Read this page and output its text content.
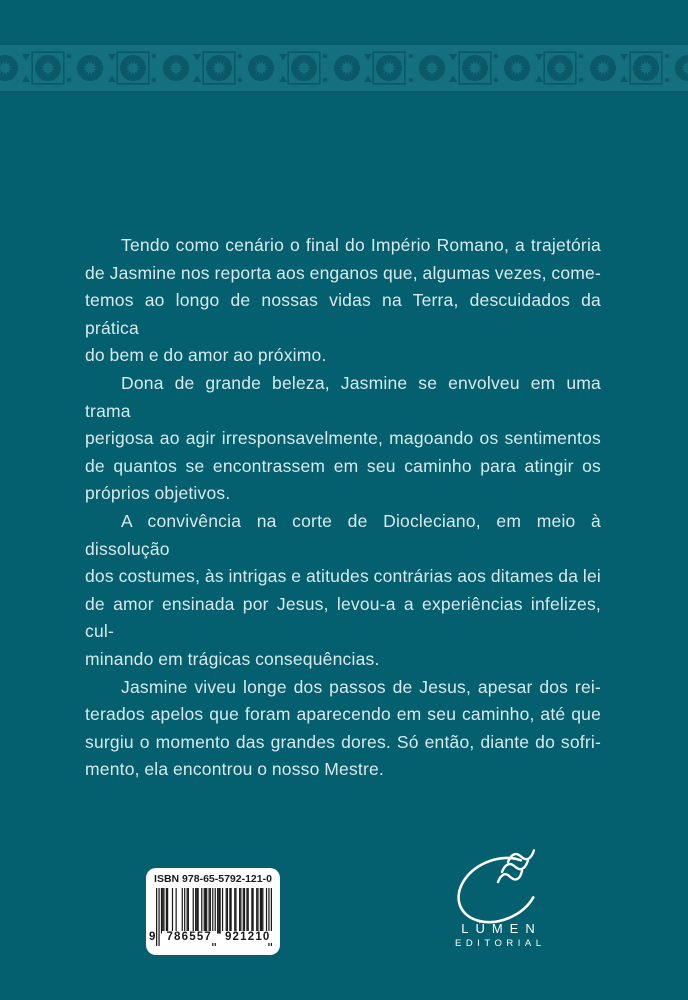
Tendo como cenário o final do Império Romano, a trajetória
de Jasmine nos reporta aos enganos que, algumas vezes, come-
temos ao longo de nossas vidas na Terra, descuidados da prática
do bem e do amor ao próximo.

Dona de grande beleza, Jasmine se envolveu em uma trama
perigosa ao agir irresponsavelmente, magoando os sentimentos
de quantos se encontrassem em seu caminho para atingir os
próprios objetivos.

A convivência na corte de Diocleciano, em meio à dissolução
dos costumes, às intrigas e atitudes contrárias aos ditames da lei
de amor ensinada por Jesus, levou-a a experiências infelizes, cul-
minando em trágicas consequências.

Jasmine viveu longe dos passos de Jesus, apesar dos rei-
terados apelos que foram aparecendo em seu caminho, até que
surgiu o momento das grandes dores. Só então, diante do sofri-
mento, ela encontrou o nosso Mestre.

ISBN 978-65-5792-121-0
9 786557	921210
LÚMEN
EDITORIAL
